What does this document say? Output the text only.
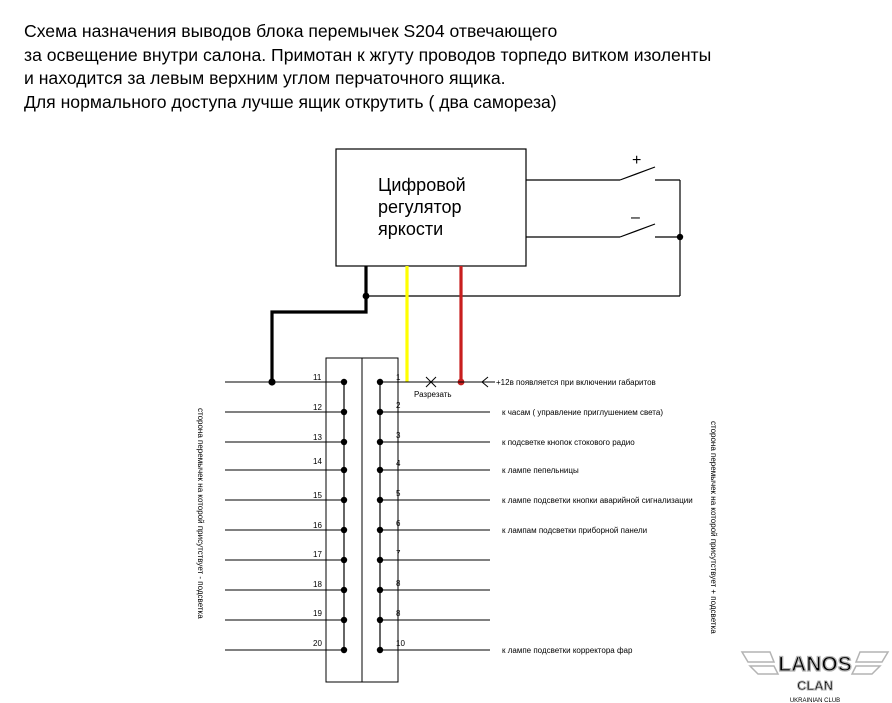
Схема назначения выводов блока перемычек S204 отвечающего
за освещение внутри салона. Примотан к жгуту проводов торпедо витком изоленты
и находится за левым верхним углом перчаточного ящика.
Для нормального доступа лучше ящик открутить ( два самореза)
+
–
11	1
+12в появляется при включении габаритов
12	2
к часам ( управление приглушением света)
13	3
к подсветке кнопок стокового радио
14	4
к лампе пепельницы
15	5
к лампе подсветки кнопки аварийной сигнализации
16	6
к лампам подсветки приборной панели
17	7
18	8
19	8
20	10
к лампе подсветки корректора фар
Разрезать
сторона перемычек на которой присутствует - подсветка	сторона перемычек на которой присутствует + подсветка
LANOS
CLAN
UKRAINIAN CLUB
Цифровой
регулятор
яркости
